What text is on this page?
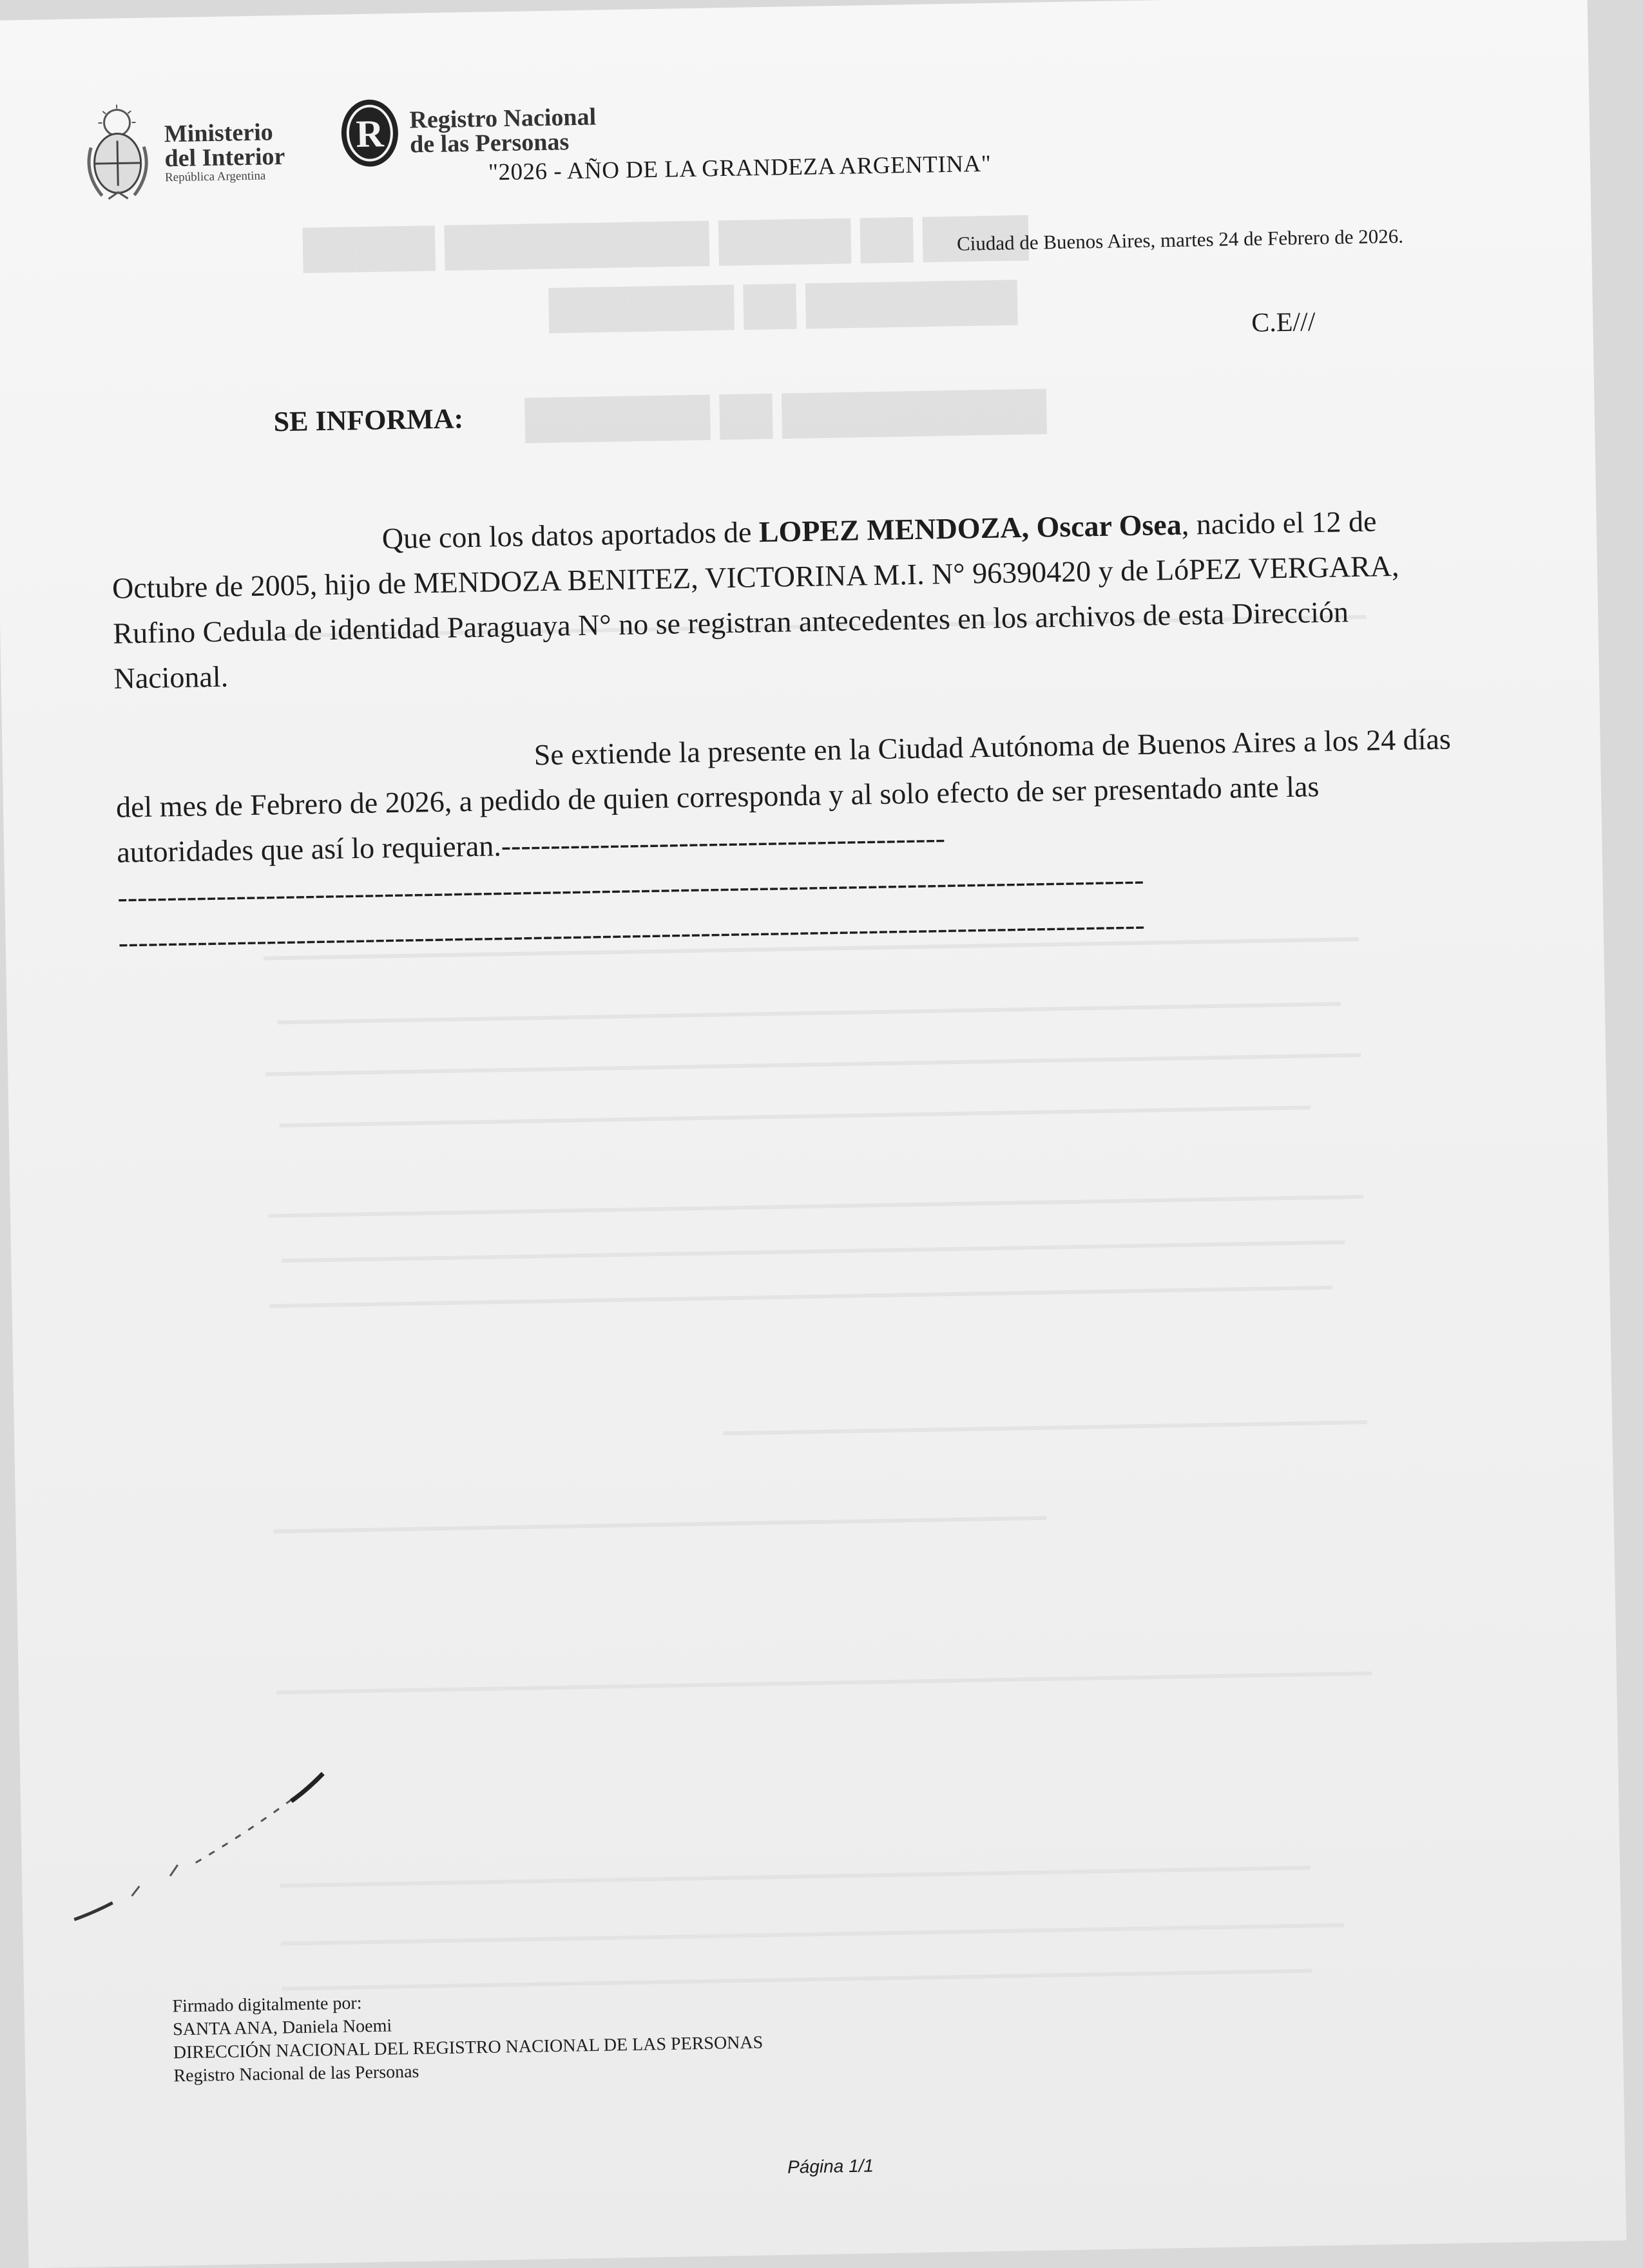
████ ██ █████ ██████████ █████
████████ ██ ███████
██████████ ██ ███████
Ministerio
del Interior
República Argentina
R Registro Nacional
de las Personas
"2026 - AÑO DE LA GRANDEZA ARGENTINA"
Ciudad de Buenos Aires, martes 24 de Febrero de 2026.
C.E///
SE INFORMA:

Que con los datos aportados de LOPEZ MENDOZA, Oscar Osea, nacido el 12 de Octubre de 2005, hijo de MENDOZA BENITEZ, VICTORINA M.I. N° 96390420 y de LóPEZ VERGARA, Rufino Cedula de identidad Paraguaya N° no se registran antecedentes en los archivos de esta Dirección Nacional.

Se extiende la presente en la Ciudad Autónoma de Buenos Aires a los 24 días del mes de Febrero de 2026, a pedido de quien corresponda y al solo efecto de ser presentado ante las autoridades que así lo requieran.---------------------------------------------

--------------------------------------------------------------------------------------------------------
--------------------------------------------------------------------------------------------------------
Firmado digitalmente por:
SANTA ANA, Daniela Noemi
DIRECCIÓN NACIONAL DEL REGISTRO NACIONAL DE LAS PERSONAS
Registro Nacional de las Personas
Página 1/1
